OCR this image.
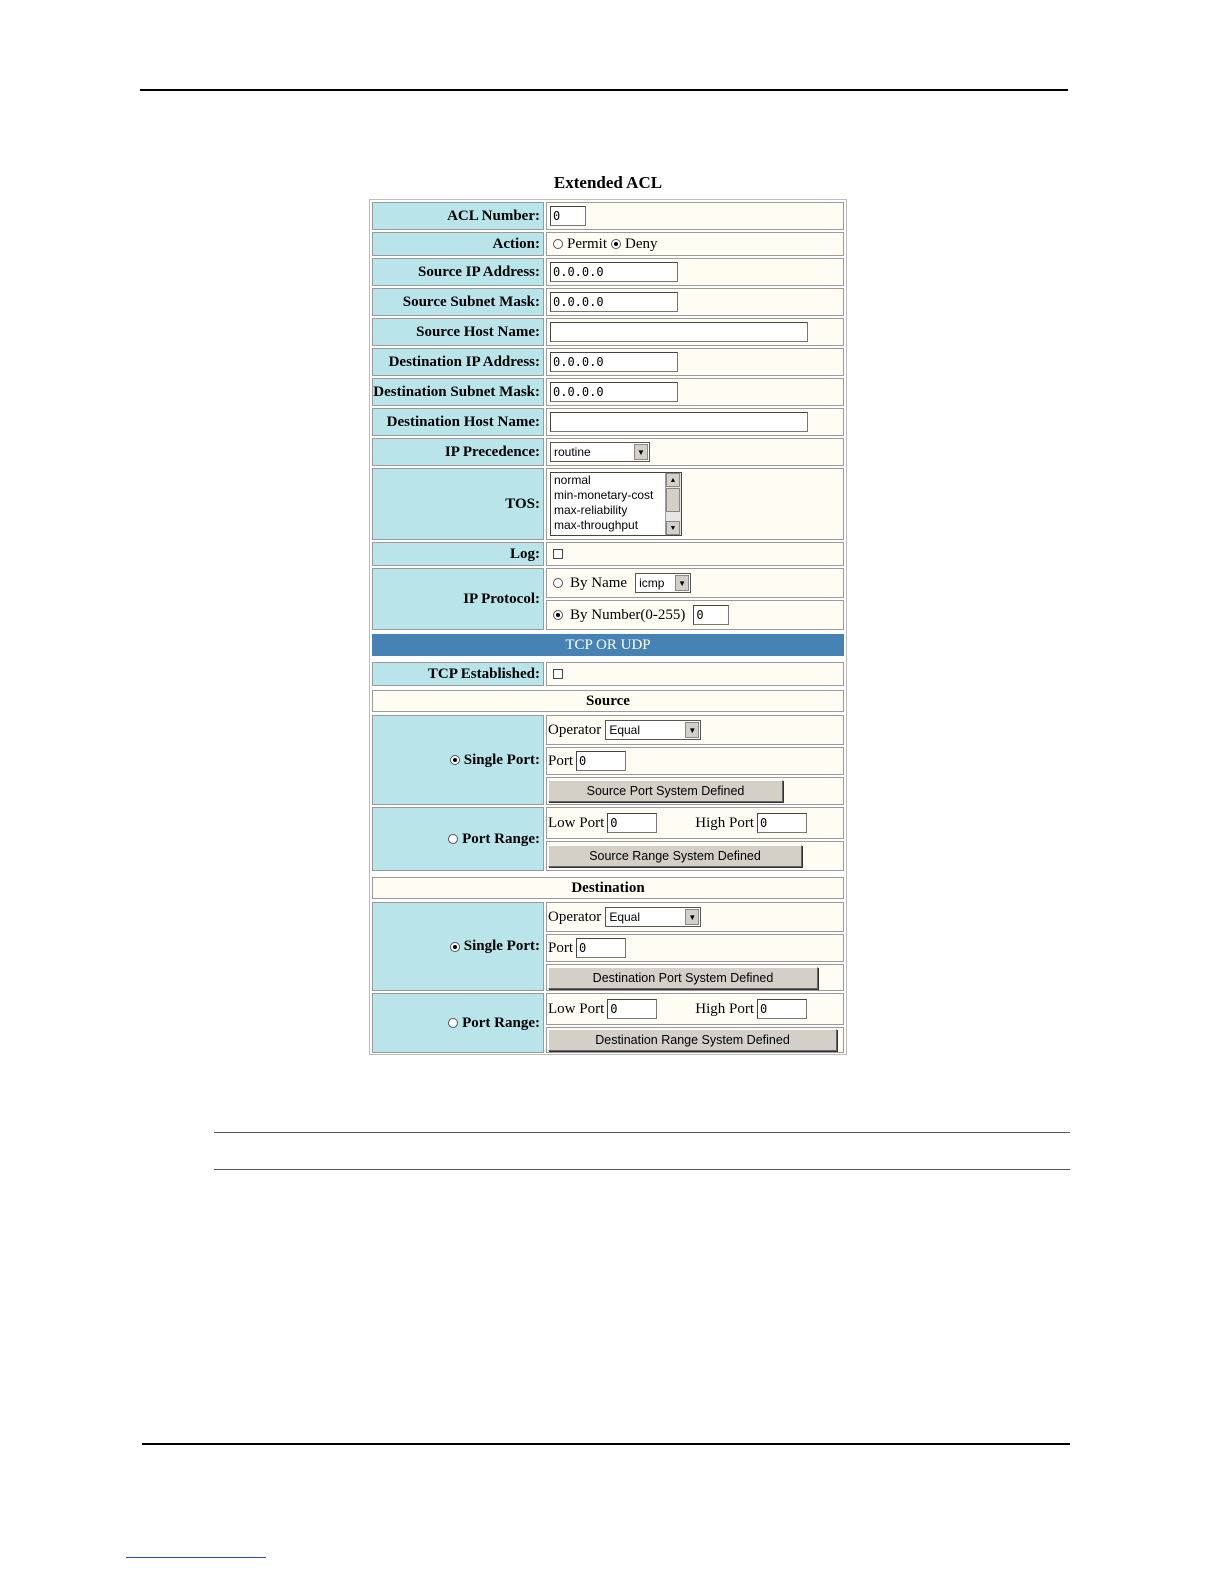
Extended ACL
ACL Number:	0
Action: Permit Deny
Source IP Address:	0.0.0.0
Source Subnet Mask:	0.0.0.0
Source Host Name:
Destination IP Address:	0.0.0.0
Destination Subnet Mask:	0.0.0.0
Destination Host Name:
IP Precedence:	routine	▼
TOS:
normal
min-monetary-cost
max-reliability
max-throughput
▲
▼
Log:
IP Protocol:
By Name icmp	▼
By Number(0-255) 0
TCP OR UDP
TCP Established:
Source
Single Port:
Operator Equal	▼
Port 0
Source Port System Defined
Port Range:
Low Port 0	High Port 0
Source Range System Defined
Destination
Single Port:
Operator Equal	▼
Port 0
Destination Port System Defined
Port Range:
Low Port 0	High Port 0
Destination Range System Defined
